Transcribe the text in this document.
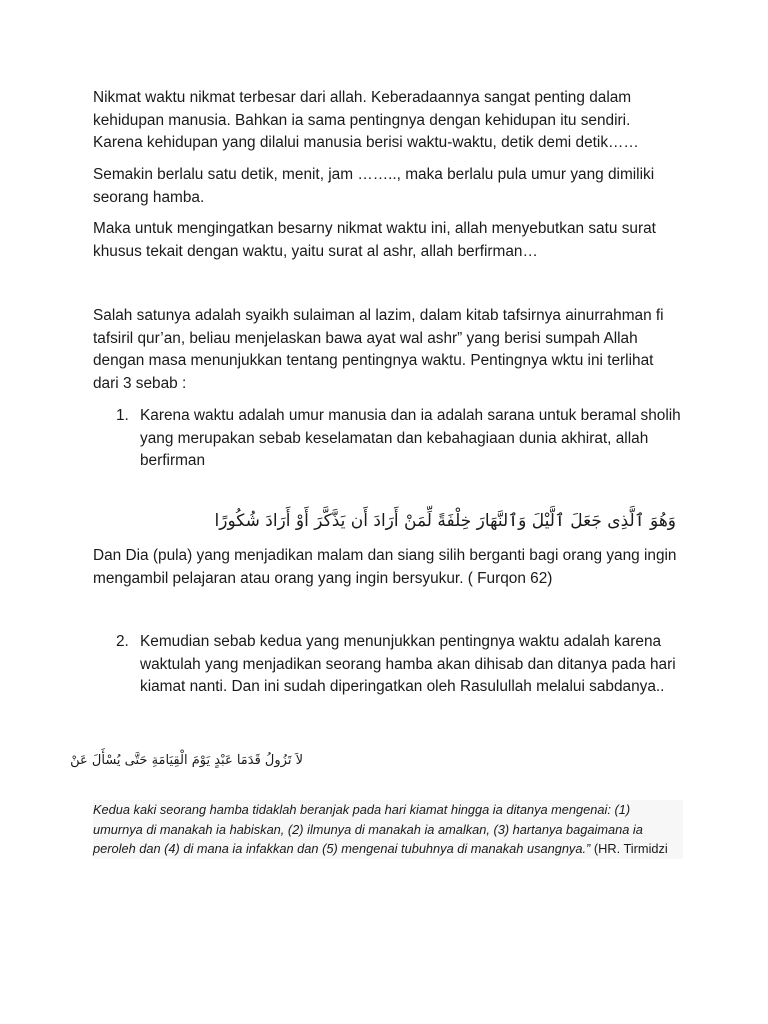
Nikmat waktu nikmat terbesar dari allah. Keberadaannya sangat penting dalam kehidupan manusia. Bahkan ia sama pentingnya dengan kehidupan itu sendiri. Karena kehidupan yang dilalui manusia berisi waktu-waktu, detik demi detik……

Semakin berlalu satu detik, menit, jam …….., maka berlalu pula umur yang dimiliki seorang hamba.

Maka untuk mengingatkan besarny nikmat waktu ini, allah menyebutkan satu surat khusus tekait dengan waktu, yaitu surat al ashr, allah berfirman…

Salah satunya adalah syaikh sulaiman al lazim, dalam kitab tafsirnya ainurrahman fi tafsiril qur’an, beliau menjelaskan bawa ayat wal ashr” yang berisi sumpah Allah dengan masa menunjukkan tentang pentingnya waktu. Pentingnya wktu ini terlihat dari 3 sebab :

1. Karena waktu adalah umur manusia dan ia adalah sarana untuk beramal sholih yang merupakan sebab keselamatan dan kebahagiaan dunia akhirat, allah berfirman
وَهُوَ ٱلَّذِى جَعَلَ ٱلَّيْلَ وَٱلنَّهَارَ خِلْفَةً لِّمَنْ أَرَادَ أَن يَذَّكَّرَ أَوْ أَرَادَ شُكُورًا

Dan Dia (pula) yang menjadikan malam dan siang silih berganti bagi orang yang ingin mengambil pelajaran atau orang yang ingin bersyukur. ( Furqon 62)

2. Kemudian sebab kedua yang menunjukkan pentingnya waktu adalah karena waktulah yang menjadikan seorang hamba akan dihisab dan ditanya pada hari kiamat nanti. Dan ini sudah diperingatkan oleh Rasulullah melalui sabdanya..
لاَ تَزُولُ قَدَمَا عَبْدٍ يَوْمَ الْقِيَامَةِ حَتَّى يُسْأَلَ عَنْ
Kedua kaki seorang hamba tidaklah beranjak pada hari kiamat hingga ia ditanya mengenai: (1) umurnya di manakah ia habiskan, (2) ilmunya di manakah ia amalkan, (3) hartanya bagaimana ia peroleh dan (4) di mana ia infakkan dan (5) mengenai tubuhnya di manakah usangnya.” (HR. Tirmidzi
